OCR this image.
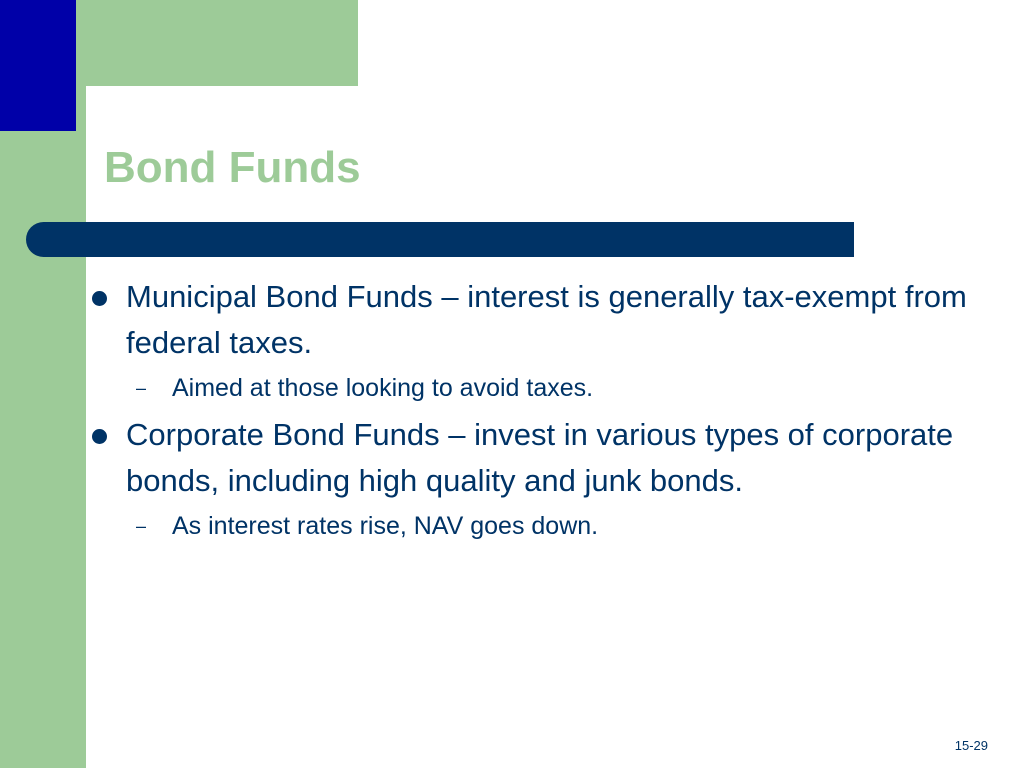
Bond Funds
Municipal Bond Funds – interest is generally tax-exempt from federal taxes.
– Aimed at those looking to avoid taxes.
Corporate Bond Funds – invest in various types of corporate bonds, including high quality and junk bonds.
– As interest rates rise, NAV goes down.
15-29
